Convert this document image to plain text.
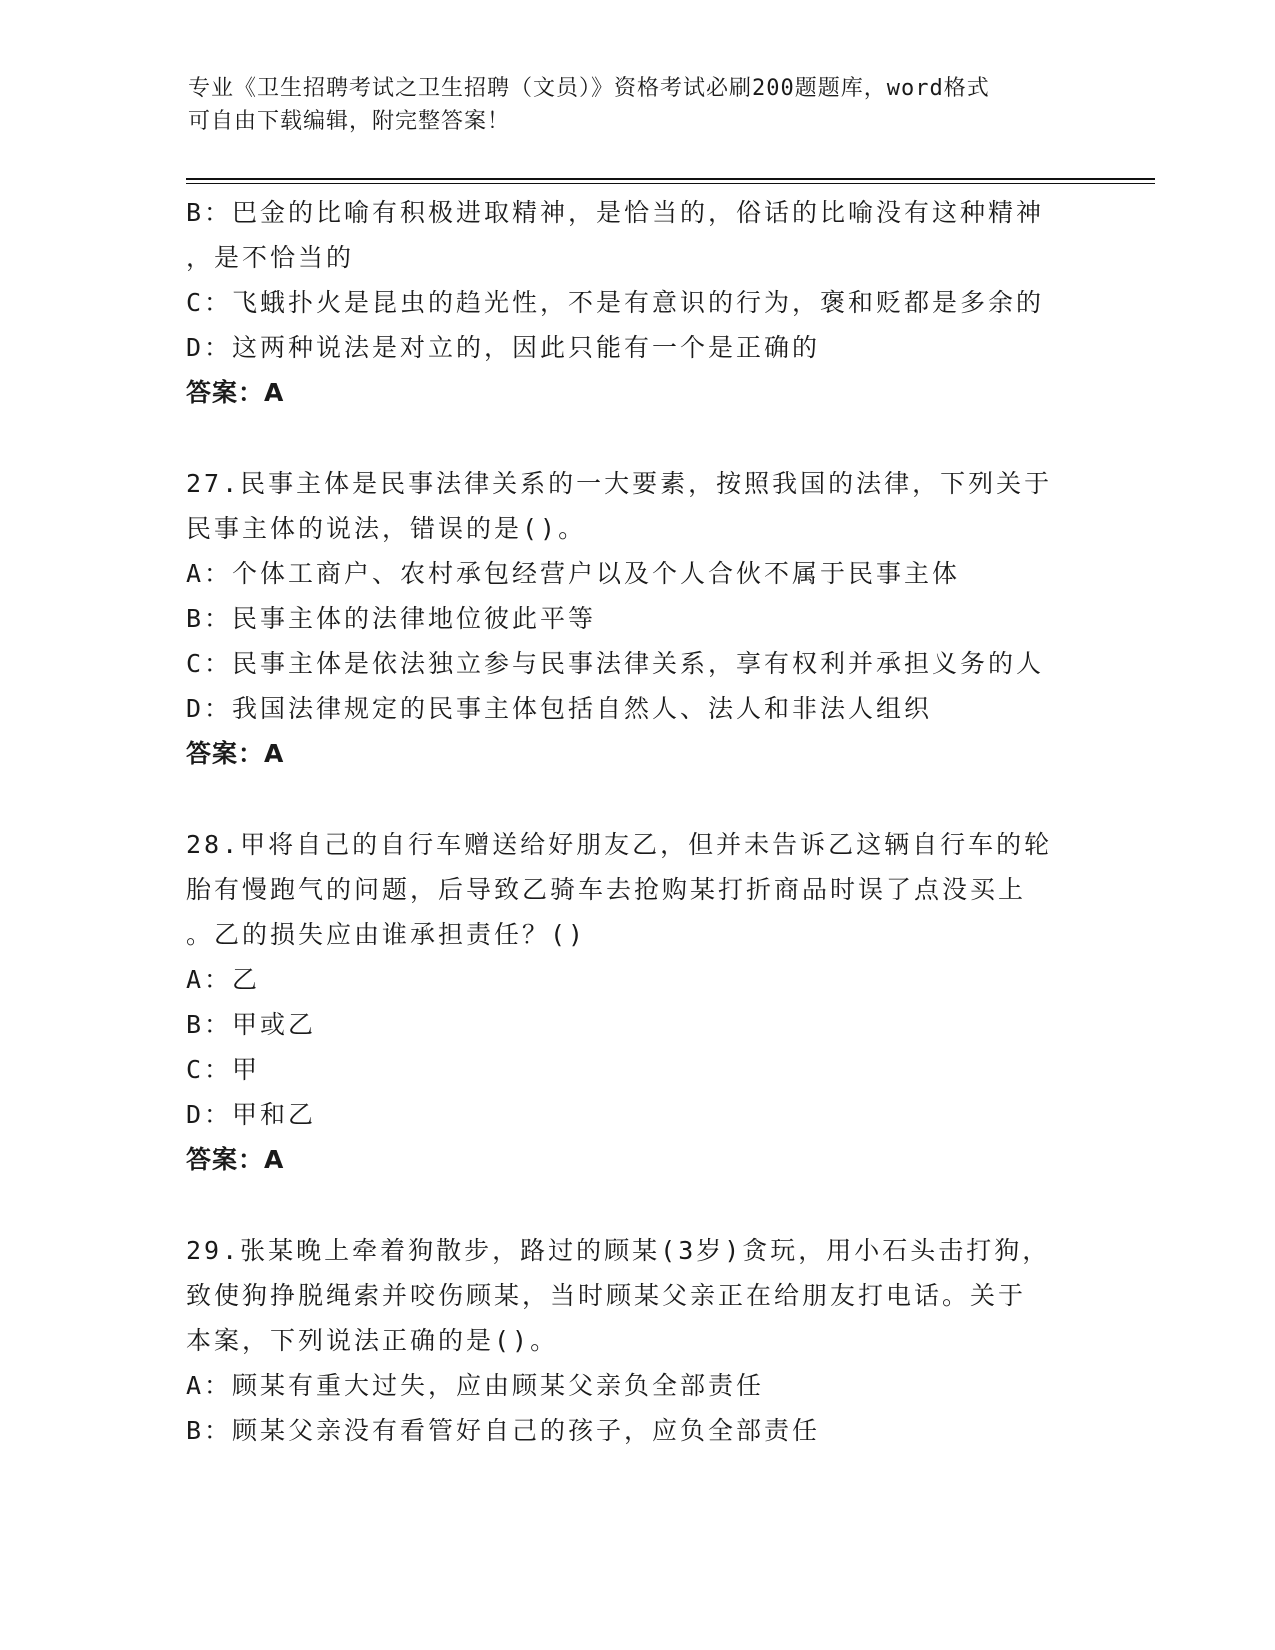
专业《卫生招聘考试之卫生招聘（文员）》资格考试必刷200题题库，word格式
可自由下载编辑，附完整答案！
B：巴金的比喻有积极进取精神，是恰当的，俗话的比喻没有这种精神
，是不恰当的
C：飞蛾扑火是昆虫的趋光性，不是有意识的行为，褒和贬都是多余的
D：这两种说法是对立的，因此只能有一个是正确的
答案：A
27.民事主体是民事法律关系的一大要素，按照我国的法律，下列关于
民事主体的说法，错误的是()。
A：个体工商户、农村承包经营户以及个人合伙不属于民事主体
B：民事主体的法律地位彼此平等
C：民事主体是依法独立参与民事法律关系，享有权利并承担义务的人
D：我国法律规定的民事主体包括自然人、法人和非法人组织
答案：A
28.甲将自己的自行车赠送给好朋友乙，但并未告诉乙这辆自行车的轮
胎有慢跑气的问题，后导致乙骑车去抢购某打折商品时误了点没买上
。乙的损失应由谁承担责任？()
A：乙
B：甲或乙
C：甲
D：甲和乙
答案：A
29.张某晚上牵着狗散步，路过的顾某(3岁)贪玩，用小石头击打狗，
致使狗挣脱绳索并咬伤顾某，当时顾某父亲正在给朋友打电话。关于
本案，下列说法正确的是()。
A：顾某有重大过失，应由顾某父亲负全部责任
B：顾某父亲没有看管好自己的孩子，应负全部责任
